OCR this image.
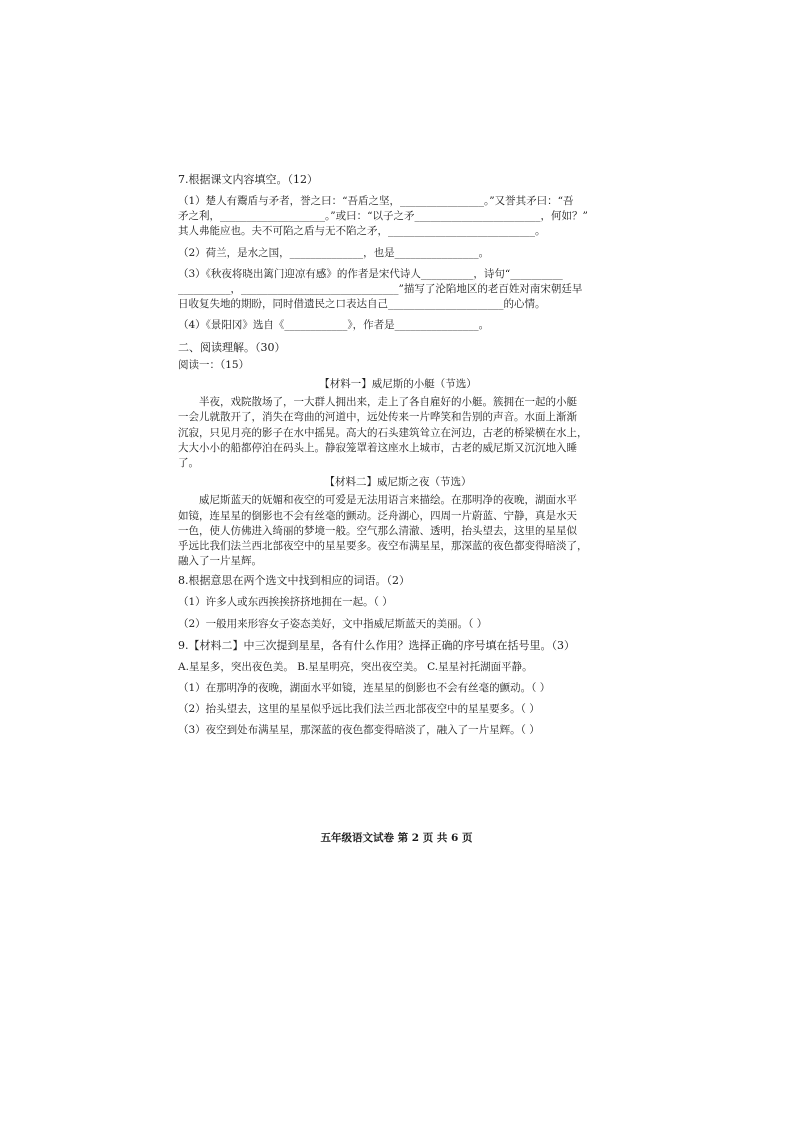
7.根据课文内容填空。（12）

（1）楚人有鬻盾与矛者，誉之曰：“吾盾之坚，________________。”又誉其矛曰：“吾

矛之利，____________________。”或曰：“以子之矛________________________，何如？”

其人弗能应也。夫不可陷之盾与无不陷之矛，____________________________。

（2）荷兰，是水之国，______________，也是________________。

（3）《秋夜将晓出篱门迎凉有感》的作者是宋代诗人__________，诗句“__________

__________，______________________________”描写了沦陷地区的老百姓对南宋朝廷早

日收复失地的期盼，同时借遗民之口表达自己______________________的心情。

（4）《景阳冈》选自《____________》，作者是________________。

二、阅读理解。（30）

阅读一：（15）

【材料一】威尼斯的小艇（节选）

半夜，戏院散场了，一大群人拥出来，走上了各自雇好的小艇。簇拥在一起的小艇

一会儿就散开了，消失在弯曲的河道中，远处传来一片哗笑和告别的声音。水面上渐渐

沉寂，只见月亮的影子在水中摇晃。高大的石头建筑耸立在河边，古老的桥梁横在水上，

大大小小的船都停泊在码头上。静寂笼罩着这座水上城市，古老的威尼斯又沉沉地入睡

了。

【材料二】威尼斯之夜（节选）

威尼斯蓝天的妩媚和夜空的可爱是无法用语言来描绘。在那明净的夜晚，湖面水平

如镜，连星星的倒影也不会有丝毫的颤动。泛舟湖心，四周一片蔚蓝、宁静，真是水天

一色，使人仿佛进入绮丽的梦境一般。空气那么清澈、透明，抬头望去，这里的星星似

乎远比我们法兰西北部夜空中的星星要多。夜空布满星星，那深蓝的夜色都变得暗淡了，

融入了一片星辉。

8.根据意思在两个选文中找到相应的词语。（2）

（1）许多人或东西挨挨挤挤地拥在一起。（ ）

（2）一般用来形容女子姿态美好，文中指威尼斯蓝天的美丽。（ ）

9.【材料二】中三次提到星星，各有什么作用？选择正确的序号填在括号里。（3）

A.星星多，突出夜色美。 B.星星明亮，突出夜空美。 C.星星衬托湖面平静。

（1）在那明净的夜晚，湖面水平如镜，连星星的倒影也不会有丝毫的颤动。（ ）

（2）抬头望去，这里的星星似乎远比我们法兰西北部夜空中的星星要多。（ ）

（3）夜空到处布满星星，那深蓝的夜色都变得暗淡了，融入了一片星辉。（ ）

五年级语文试卷 第 2 页 共 6 页
